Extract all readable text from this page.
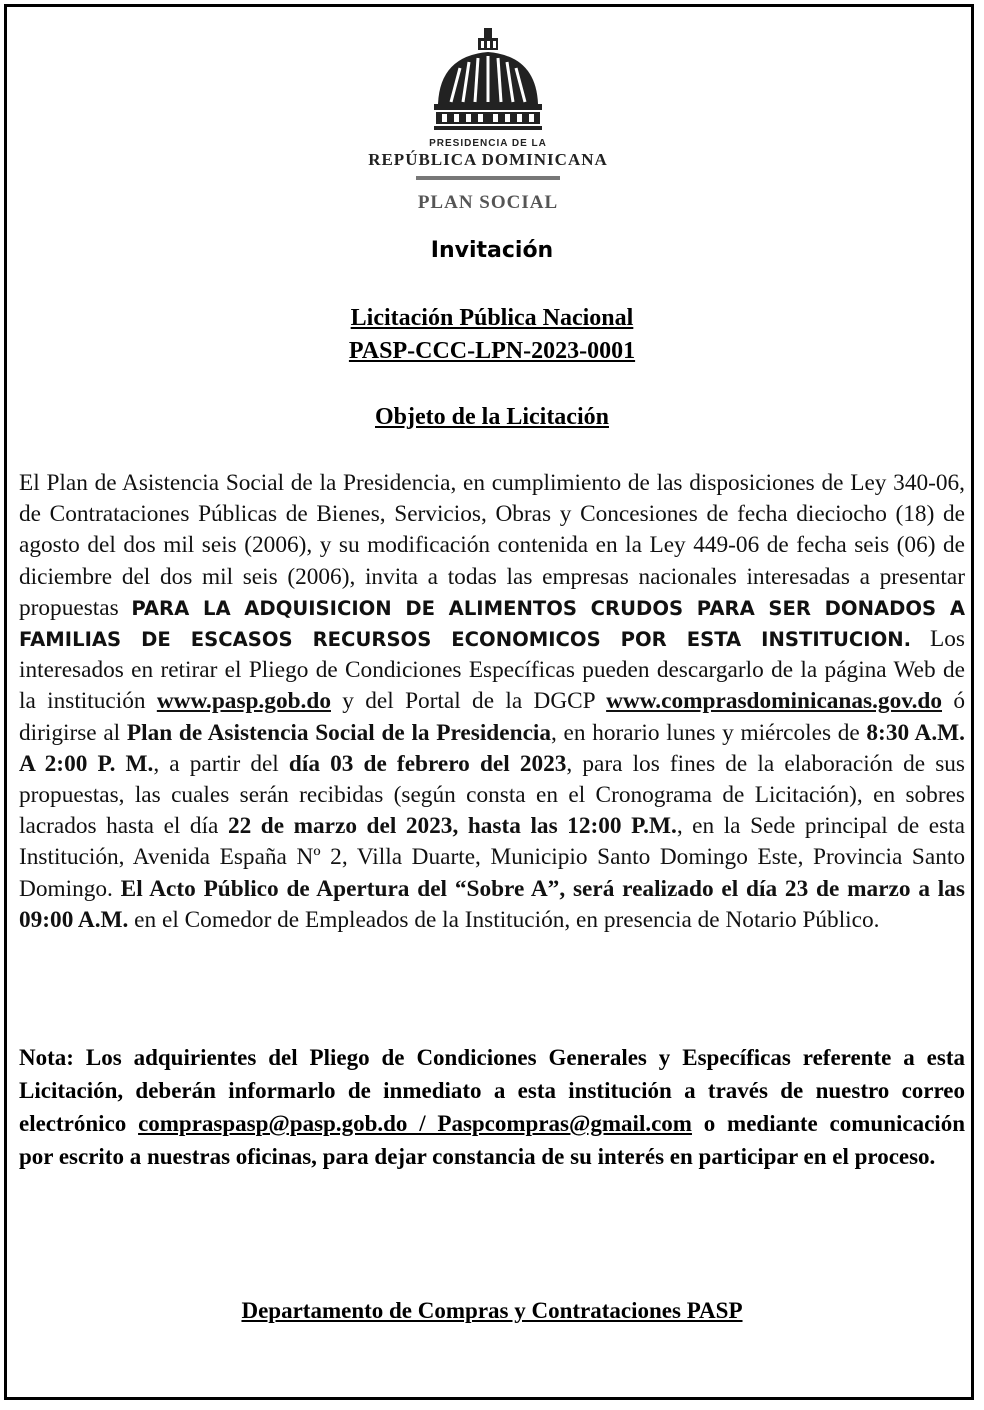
PRESIDENCIA DE LA
REPÚBLICA DOMINICANA
PLAN SOCIAL
Invitación
Licitación Pública Nacional
PASP-CCC-LPN-2023-0001
Objeto de la Licitación
El Plan de Asistencia Social de la Presidencia, en cumplimiento de las disposiciones de Ley 340-06, de Contrataciones Públicas de Bienes, Servicios, Obras y Concesiones de fecha dieciocho (18) de agosto del dos mil seis (2006), y su modificación contenida en la Ley 449-06 de fecha seis (06) de diciembre del dos mil seis (2006), invita a todas las empresas nacionales interesadas a presentar propuestas PARA LA ADQUISICION DE ALIMENTOS CRUDOS PARA SER DONADOS A FAMILIAS DE ESCASOS RECURSOS ECONOMICOS POR ESTA INSTITUCION. Los interesados en retirar el Pliego de Condiciones Específicas pueden descargarlo de la página Web de la institución www.pasp.gob.do y del Portal de la DGCP www.comprasdominicanas.gov.do ó dirigirse al Plan de Asistencia Social de la Presidencia, en horario lunes y miércoles de 8:30 A.M. A 2:00 P. M., a partir del día 03 de febrero del 2023, para los fines de la elaboración de sus propuestas, las cuales serán recibidas (según consta en el Cronograma de Licitación), en sobres lacrados hasta el día 22 de marzo del 2023, hasta las 12:00 P.M., en la Sede principal de esta Institución, Avenida España Nº 2, Villa Duarte, Municipio Santo Domingo Este, Provincia Santo Domingo. El Acto Público de Apertura del “Sobre A”, será realizado el día 23 de marzo a las 09:00 A.M. en el Comedor de Empleados de la Institución, en presencia de Notario Público.
Nota: Los adquirientes del Pliego de Condiciones Generales y Específicas referente a esta Licitación, deberán informarlo de inmediato a esta institución a través de nuestro correo electrónico compraspasp@pasp.gob.do / Paspcompras@gmail.com o mediante comunicación por escrito a nuestras oficinas, para dejar constancia de su interés en participar en el proceso.
Departamento de Compras y Contrataciones PASP
